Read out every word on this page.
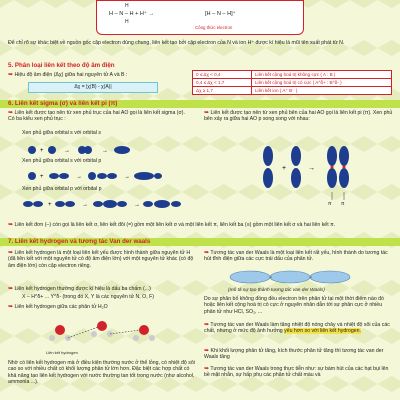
H
H – N – H + H⁺ →
H
[H – N – H]⁺
Công thức electron
Để chỉ rõ sự khác biệt về nguồn gốc cặp electron dùng chung, liên kết tạo bởi cặp electron của N và ion H⁺ được kí hiệu là mũi tên xuất phát từ N.
5. Phân loại liên kết theo độ âm điện
➥ Hiệu độ âm điện (Δχ) giữa hai nguyên tử A và B :
Δχ = |χ(B) - χ(A)|
0 ≤ Δχ < 0,4	Liên kết cộng hoá trị không cực ( A : B )
0,4 ≤ Δχ < 1,7	Liên kết cộng hoá trị có cực ( A^δ+ : B^δ- )
Δχ ≥ 1,7	Liên kết ion ( A⁺ B⁻ )
6. Liên kết sigma (σ) và liên kết pi (π)
➥ Liên kết được tạo nên từ xen phủ trục của hai AO gọi là liên kết sigma (σ). Có ba kiểu xen phủ trục :
Xen phủ giữa orbital s với orbital s
+	→	→
Xen phủ giữa orbital s với orbital p
+	→	→
Xen phủ giữa orbital p với orbital p
+	→	→
➥ Liên kết được tạo nên từ xen phủ bên của hai AO gọi là liên kết pi (π). Xen phủ bên xảy ra giữa hai AO p song song với nhau:
+	→
π π
➥ Liên kết đơn (–) còn gọi là liên kết σ, liên kết đôi (=) gồm một liên kết σ và một liên kết π, liên kết ba (≡) gồm một liên kết σ và hai liên kết π.
7. Liên kết hydrogen và tương tác Van der waals
➥ Liên kết hydrogen là một loại liên kết yếu được hình thành giữa nguyên tử H (đã liên kết với một nguyên tử có độ âm điện lớn) với một nguyên tử khác (có độ âm điện lớn) còn cặp electron riêng.
➥ Liên kết hydrogen thường được kí hiệu là dấu ba chấm (...)
X – H^δ+ ... Y^δ- (trong đó X, Y là các nguyên tử N, O, F)
➥ Liên kết hydrogen giữa các phân tử H₂O
Liên kết hydrogen
Nhờ có liên kết hydrogen mà ở điều kiện thường nước ở thể lỏng, có nhiệt độ sôi cao so với nhiều chất có khối lượng phân tử lớn hơn. Đặc biệt các hợp chất có khả năng tạo liên kết hydrogen với nước thường tan tốt trong nước (như alcohol, ammonia ...).
➥ Tương tác van der Waals là một loại liên kết rất yếu, hình thành do tương tác hút tĩnh điện giữa các cực trái dấu của phân tử.
(mô tả sự tạo thành tương tác van der Waals)
Do sự phân bố không đồng đều electron trên phân tử tại một thời điểm nào đó hoặc liên kết cộng hoá trị có cực ở nguyên nhân dẫn tới sự phân cực ở nhiều phân tử như HCl, SO₂, ...
➥ Tương tác van der Waals làm tăng nhiệt độ nóng chảy và nhiệt độ sôi của các chất, nhưng ở mức độ ảnh hưởng yếu hơn so với liên kết hydrogen.
➥ Khi khối lượng phân tử tăng, kích thước phân tử tăng thì tương tác van der Waals tăng
➥ Tương tác van der Waals trong thực tiễn như: sự bám hút của các hạt bụi lên bề mặt nhẵn, sự hấp phụ các phân tử chất màu và
